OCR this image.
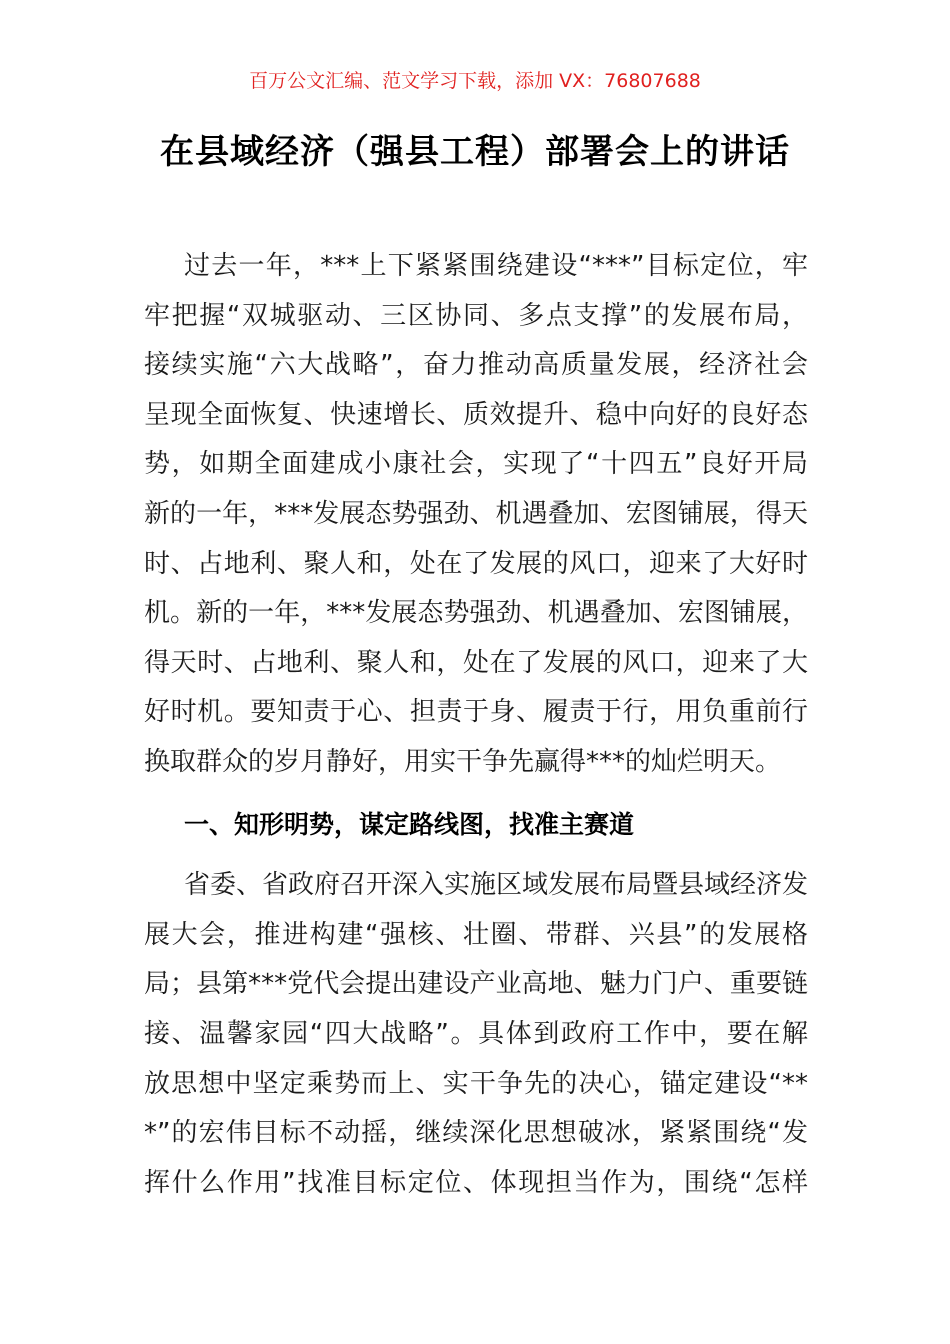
百万公文汇编、范文学习下载，添加 VX：76807688
在县域经济（强县工程）部署会上的讲话
过去一年，***上下紧紧围绕建设“***”目标定位，牢
牢把握“双城驱动、三区协同、多点支撑”的发展布局，
接续实施“六大战略”，奋力推动高质量发展，经济社会
呈现全面恢复、快速增长、质效提升、稳中向好的良好态
势，如期全面建成小康社会，实现了“十四五”良好开局
新的一年，***发展态势强劲、机遇叠加、宏图铺展，得天
时、占地利、聚人和，处在了发展的风口，迎来了大好时
机。新的一年，***发展态势强劲、机遇叠加、宏图铺展，
得天时、占地利、聚人和，处在了发展的风口，迎来了大
好时机。要知责于心、担责于身、履责于行，用负重前行
换取群众的岁月静好，用实干争先赢得***的灿烂明天。
一、知形明势，谋定路线图，找准主赛道
省委、省政府召开深入实施区域发展布局暨县域经济发
展大会，推进构建“强核、壮圈、带群、兴县”的发展格
局；县第***党代会提出建设产业高地、魅力门户、重要链
接、温馨家园“四大战略”。具体到政府工作中，要在解
放思想中坚定乘势而上、实干争先的决心，锚定建设“**
*”的宏伟目标不动摇，继续深化思想破冰，紧紧围绕“发
挥什么作用”找准目标定位、体现担当作为，围绕“怎样
